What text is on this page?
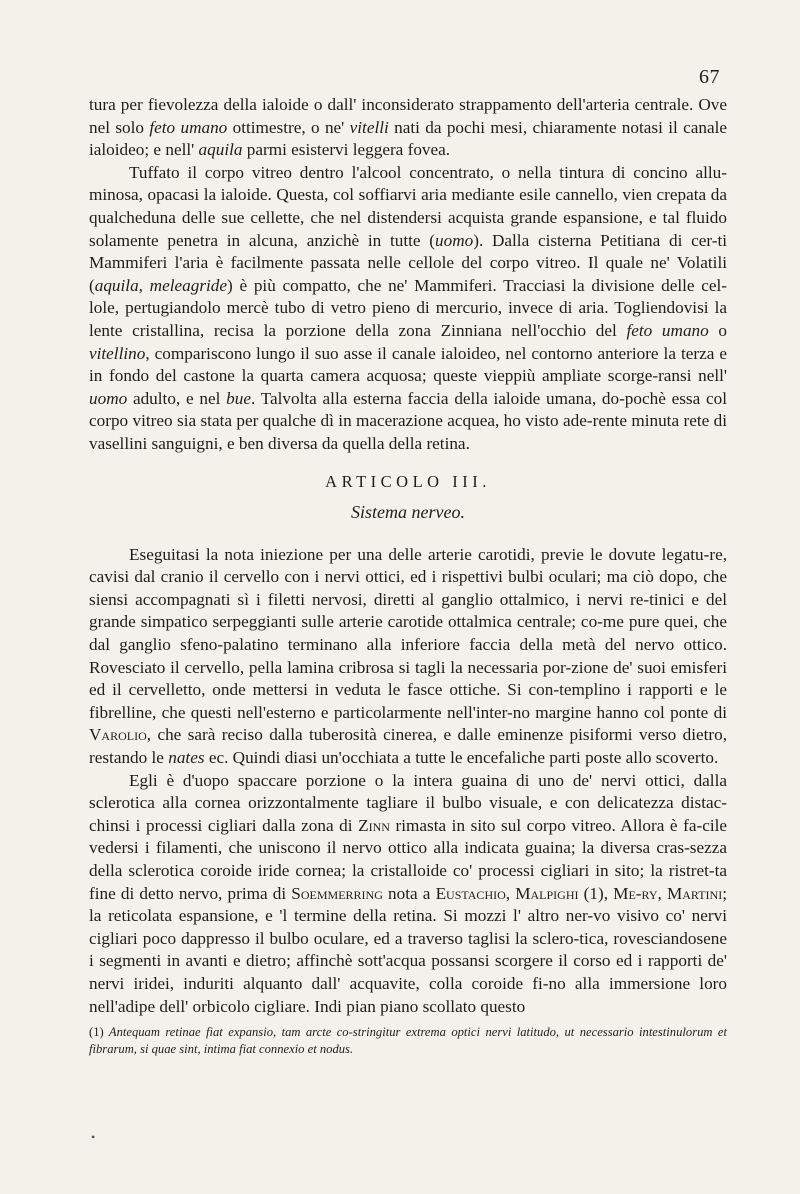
67

tura per fievolezza della ialoide o dall' inconsiderato strappamento dell'arteria centrale. Ove nel solo feto umano ottimestre, o ne' vitelli nati da pochi mesi, chiaramente notasi il canale ialoideo; e nell' aquila parmi esistervi leggera fovea.

Tuffato il corpo vitreo dentro l'alcool concentrato, o nella tintura di concino allu-minosa, opacasi la ialoide. Questa, col soffiarvi aria mediante esile cannello, vien crepata da qualcheduna delle sue cellette, che nel distendersi acquista grande espansione, e tal fluido solamente penetra in alcuna, anzichè in tutte (uomo). Dalla cisterna Petitiana di cer-ti Mammiferi l'aria è facilmente passata nelle cellole del corpo vitreo. Il quale ne' Volatili (aquila, meleagride) è più compatto, che ne' Mammiferi. Tracciasi la divisione delle cel-lole, pertugiandolo mercè tubo di vetro pieno di mercurio, invece di aria. Togliendovisi la lente cristallina, recisa la porzione della zona Zinniana nell'occhio del feto umano o vitellino, compariscono lungo il suo asse il canale ialoideo, nel contorno anteriore la terza e in fondo del castone la quarta camera acquosa; queste vieppiù ampliate scorge-ransi nell' uomo adulto, e nel bue. Talvolta alla esterna faccia della ialoide umana, do-pochè essa col corpo vitreo sia stata per qualche dì in macerazione acquea, ho visto ade-rente minuta rete di vasellini sanguigni, e ben diversa da quella della retina.

ARTICOLO III.

Sistema nerveo.

Eseguitasi la nota iniezione per una delle arterie carotidi, previe le dovute legatu-re, cavisi dal cranio il cervello con i nervi ottici, ed i rispettivi bulbi oculari; ma ciò dopo, che siensi accompagnati sì i filetti nervosi, diretti al ganglio ottalmico, i nervi re-tinici e del grande simpatico serpeggianti sulle arterie carotide ottalmica centrale; co-me pure quei, che dal ganglio sfeno-palatino terminano alla inferiore faccia della metà del nervo ottico. Rovesciato il cervello, pella lamina cribrosa si tagli la necessaria por-zione de' suoi emisferi ed il cervelletto, onde mettersi in veduta le fasce ottiche. Si con-templino i rapporti e le fibrelline, che questi nell'esterno e particolarmente nell'inter-no margine hanno col ponte di Varolio, che sarà reciso dalla tuberosità cinerea, e dalle eminenze pisiformi verso dietro, restando le nates ec. Quindi diasi un'occhiata a tutte le encefaliche parti poste allo scoverto.

Egli è d'uopo spaccare porzione o la intera guaina di uno de' nervi ottici, dalla sclerotica alla cornea orizzontalmente tagliare il bulbo visuale, e con delicatezza distac-chinsi i processi cigliari dalla zona di Zinn rimasta in sito sul corpo vitreo. Allora è fa-cile vedersi i filamenti, che uniscono il nervo ottico alla indicata guaina; la diversa cras-sezza della sclerotica coroide iride cornea; la cristalloide co' processi cigliari in sito; la ristret-ta fine di detto nervo, prima di Soemmerring nota a Eustachio, Malpighi (1), Me-ry, Martini; la reticolata espansione, e 'l termine della retina. Si mozzi l' altro ner-vo visivo co' nervi cigliari poco dappresso il bulbo oculare, ed a traverso taglisi la sclero-tica, rovesciandosene i segmenti in avanti e dietro; affinchè sott'acqua possansi scorgere il corso ed i rapporti de' nervi iridei, induriti alquanto dall' acquavite, colla coroide fi-no alla immersione loro nell'adipe dell' orbicolo cigliare. Indi pian piano scollato questo

(1) Antequam retinae fiat expansio, tam arcte co-stringitur extrema optici nervi latitudo, ut necessario intestinulorum et fibrarum, si quae sint, intima fiat connexio et nodus.

•
